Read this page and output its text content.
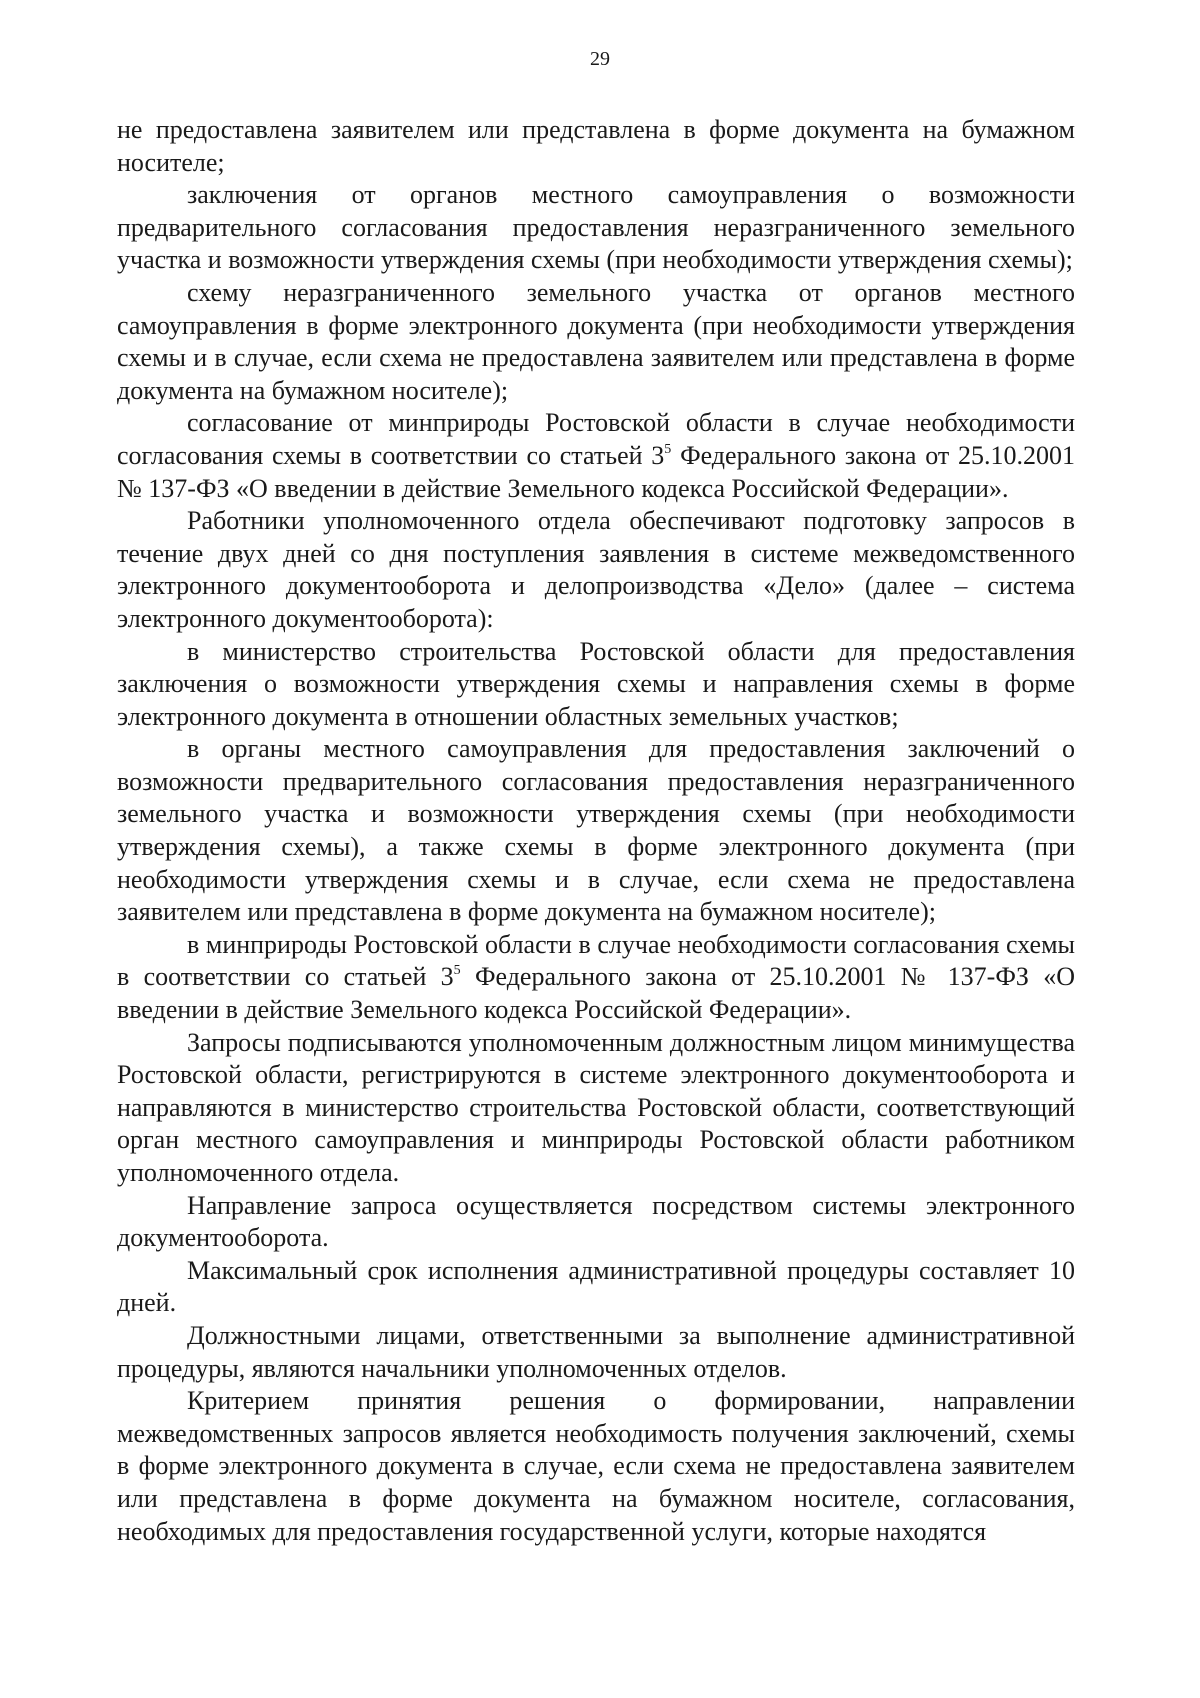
29

не предоставлена заявителем или представлена в форме документа на бумажном носителе;

заключения от органов местного самоуправления о возможности предварительного согласования предоставления неразграниченного земельного участка и возможности утверждения схемы (при необходимости утверждения схемы);

схему неразграниченного земельного участка от органов местного самоуправления в форме электронного документа (при необходимости утверждения схемы и в случае, если схема не предоставлена заявителем или представлена в форме документа на бумажном носителе);

согласование от минприроды Ростовской области в случае необходимости согласования схемы в соответствии со статьей $3^5$ Федерального закона от 25.10.2001 № 137-ФЗ «О введении в действие Земельного кодекса Российской Федерации».

Работники уполномоченного отдела обеспечивают подготовку запросов в течение двух дней со дня поступления заявления в системе межведомственного электронного документооборота и делопроизводства «Дело» (далее – система электронного документооборота):

в министерство строительства Ростовской области для предоставления заключения о возможности утверждения схемы и направления схемы в форме электронного документа в отношении областных земельных участков;

в органы местного самоуправления для предоставления заключений о возможности предварительного согласования предоставления неразграниченного земельного участка и возможности утверждения схемы (при необходимости утверждения схемы), а также схемы в форме электронного документа (при необходимости утверждения схемы и в случае, если схема не предоставлена заявителем или представлена в форме документа на бумажном носителе);

в минприроды Ростовской области в случае необходимости согласования схемы в соответствии со статьей $3^5$ Федерального закона от 25.10.2001 № 137-ФЗ «О введении в действие Земельного кодекса Российской Федерации».

Запросы подписываются уполномоченным должностным лицом минимущества Ростовской области, регистрируются в системе электронного документооборота и направляются в министерство строительства Ростовской области, соответствующий орган местного самоуправления и минприроды Ростовской области работником уполномоченного отдела.

Направление запроса осуществляется посредством системы электронного документооборота.

Максимальный срок исполнения административной процедуры составляет 10 дней.

Должностными лицами, ответственными за выполнение административной процедуры, являются начальники уполномоченных отделов.

Критерием принятия решения о формировании, направлении межведомственных запросов является необходимость получения заключений, схемы в форме электронного документа в случае, если схема не предоставлена заявителем или представлена в форме документа на бумажном носителе, согласования, необходимых для предоставления государственной услуги, которые находятся
